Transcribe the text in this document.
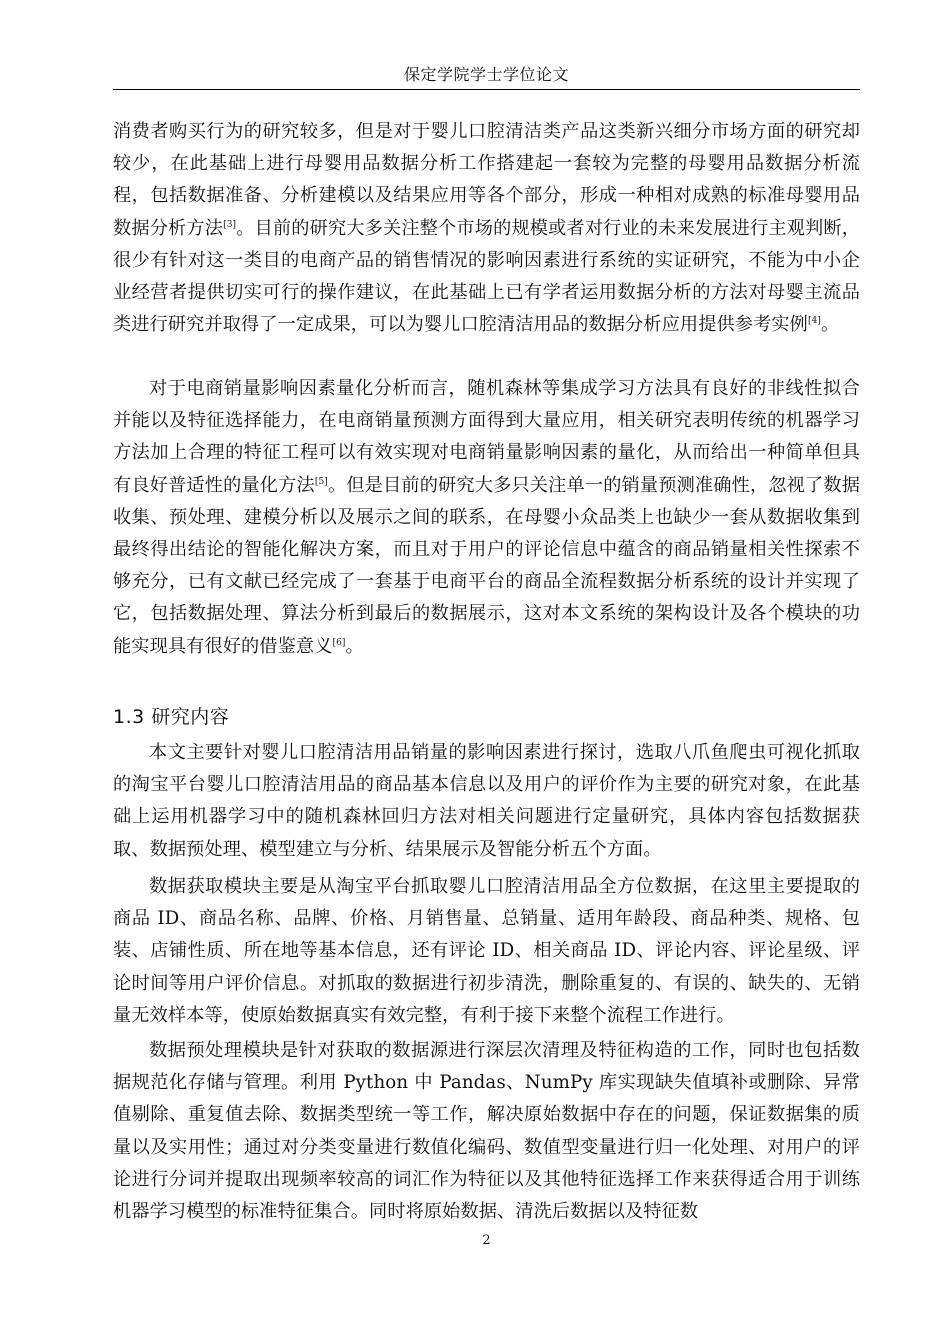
保定学院学士学位论文

消费者购买行为的研究较多，但是对于婴儿口腔清洁类产品这类新兴细分市场方面的研究却较少，在此基础上进行母婴用品数据分析工作搭建起一套较为完整的母婴用品数据分析流程，包括数据准备、分析建模以及结果应用等各个部分，形成一种相对成熟的标准母婴用品数据分析方法[3]。目前的研究大多关注整个市场的规模或者对行业的未来发展进行主观判断，很少有针对这一类目的电商产品的销售情况的影响因素进行系统的实证研究，不能为中小企业经营者提供切实可行的操作建议，在此基础上已有学者运用数据分析的方法对母婴主流品类进行研究并取得了一定成果，可以为婴儿口腔清洁用品的数据分析应用提供参考实例[4]。

对于电商销量影响因素量化分析而言，随机森林等集成学习方法具有良好的非线性拟合并能以及特征选择能力，在电商销量预测方面得到大量应用，相关研究表明传统的机器学习方法加上合理的特征工程可以有效实现对电商销量影响因素的量化，从而给出一种简单但具有良好普适性的量化方法[5]。但是目前的研究大多只关注单一的销量预测准确性，忽视了数据收集、预处理、建模分析以及展示之间的联系，在母婴小众品类上也缺少一套从数据收集到最终得出结论的智能化解决方案，而且对于用户的评论信息中蕴含的商品销量相关性探索不够充分，已有文献已经完成了一套基于电商平台的商品全流程数据分析系统的设计并实现了它，包括数据处理、算法分析到最后的数据展示，这对本文系统的架构设计及各个模块的功能实现具有很好的借鉴意义[6]。

1.3 研究内容

本文主要针对婴儿口腔清洁用品销量的影响因素进行探讨，选取八爪鱼爬虫可视化抓取的淘宝平台婴儿口腔清洁用品的商品基本信息以及用户的评价作为主要的研究对象，在此基础上运用机器学习中的随机森林回归方法对相关问题进行定量研究，具体内容包括数据获取、数据预处理、模型建立与分析、结果展示及智能分析五个方面。

数据获取模块主要是从淘宝平台抓取婴儿口腔清洁用品全方位数据，在这里主要提取的商品 ID、商品名称、品牌、价格、月销售量、总销量、适用年龄段、商品种类、规格、包装、店铺性质、所在地等基本信息，还有评论 ID、相关商品 ID、评论内容、评论星级、评论时间等用户评价信息。对抓取的数据进行初步清洗，删除重复的、有误的、缺失的、无销量无效样本等，使原始数据真实有效完整，有利于接下来整个流程工作进行。

数据预处理模块是针对获取的数据源进行深层次清理及特征构造的工作，同时也包括数据规范化存储与管理。利用 Python 中 Pandas、NumPy 库实现缺失值填补或删除、异常值剔除、重复值去除、数据类型统一等工作，解决原始数据中存在的问题，保证数据集的质量以及实用性；通过对分类变量进行数值化编码、数值型变量进行归一化处理、对用户的评论进行分词并提取出现频率较高的词汇作为特征以及其他特征选择工作来获得适合用于训练机器学习模型的标准特征集合。同时将原始数据、清洗后数据以及特征数

2
